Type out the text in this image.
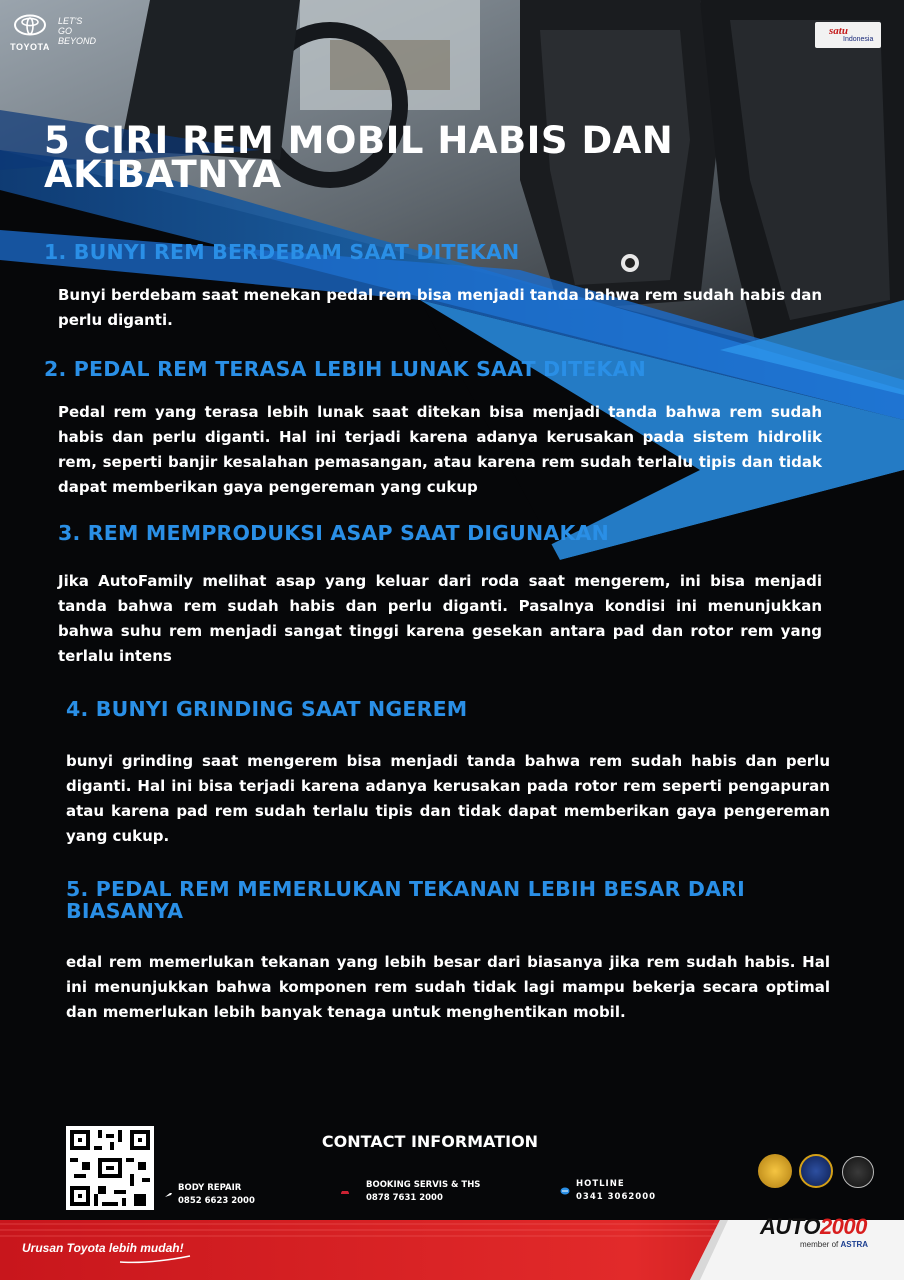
TOYOTA
LET'S
GO
BEYOND
satu
Indonesia
5 CIRI REM MOBIL HABIS DAN AKIBATNYA
1. BUNYI REM BERDEBAM SAAT DITEKAN

Bunyi berdebam saat menekan pedal rem bisa menjadi tanda bahwa rem sudah habis dan perlu diganti.

2. PEDAL REM TERASA LEBIH LUNAK SAAT DITEKAN

Pedal rem yang terasa lebih lunak saat ditekan bisa menjadi tanda bahwa rem sudah habis dan perlu diganti. Hal ini terjadi karena adanya kerusakan pada sistem hidrolik rem, seperti banjir kesalahan pemasangan, atau karena rem sudah terlalu tipis dan tidak dapat memberikan gaya pengereman yang cukup

3. REM MEMPRODUKSI ASAP SAAT DIGUNAKAN

Jika AutoFamily melihat asap yang keluar dari roda saat mengerem, ini bisa menjadi tanda bahwa rem sudah habis dan perlu diganti. Pasalnya kondisi ini menunjukkan bahwa suhu rem menjadi sangat tinggi karena gesekan antara pad dan rotor rem yang terlalu intens

4. BUNYI GRINDING SAAT NGEREM

bunyi grinding saat mengerem bisa menjadi tanda bahwa rem sudah habis dan perlu diganti. Hal ini bisa terjadi karena adanya kerusakan pada rotor rem seperti pengapuran atau karena pad rem sudah terlalu tipis dan tidak dapat memberikan gaya pengereman yang cukup.

5. PEDAL REM MEMERLUKAN TEKANAN LEBIH BESAR DARI BIASANYA

edal rem memerlukan tekanan yang lebih besar dari biasanya jika rem sudah habis. Hal ini menunjukkan bahwa komponen rem sudah tidak lagi mampu bekerja secara optimal dan memerlukan lebih banyak tenaga untuk menghentikan mobil.

CONTACT INFORMATION
BODY REPAIR
0852 6623 2000
BOOKING SERVIS & THS
0878 7631 2000
HOTLINE
0341 3062000
Urusan Toyota lebih mudah!
AUTO2000
member of ASTRA
